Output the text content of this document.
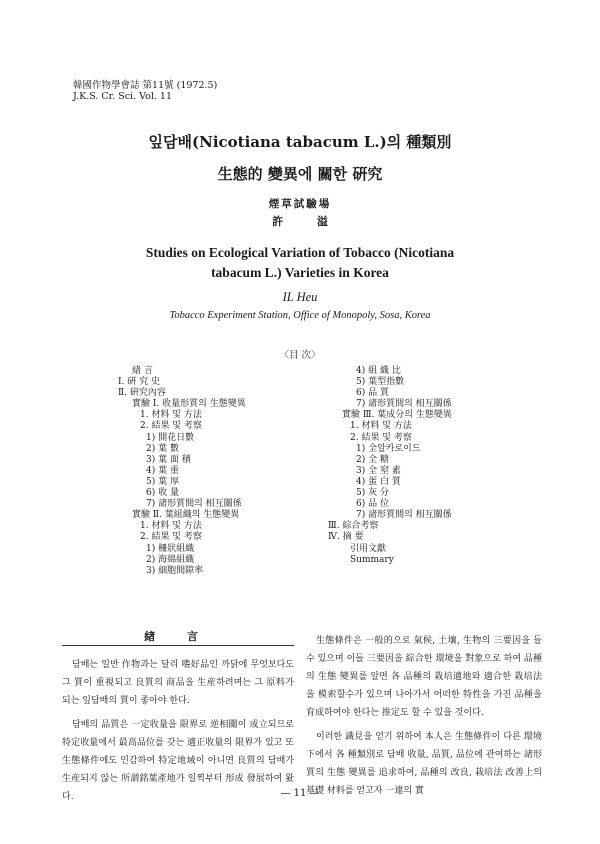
韓國作物學會誌 第11號 (1972.5)
J.K.S. Cr. Sci. Vol. 11
잎담배(Nicotiana tabacum L.)의 種類別
生態的 變異에 關한 硏究
煙草試驗場
許 溢
Studies on Ecological Variation of Tobacco (Nicotiana
tabacum L.) Varieties in Korea
IL Heu
Tobacco Experiment Station, Office of Monopoly, Sosa, Korea
〈目 次〉
緖 言
Ⅰ. 硏 究 史
Ⅱ. 硏究內容
實驗 Ⅰ. 收量形質의 生態變異
1. 材料 및 方法
2. 結果 및 考察
1) 開花日數
2) 葉 數
3) 葉 面 積
4) 葉 重
5) 葉 厚
6) 收 量
7) 諸形質間의 相互關係
實驗 Ⅱ. 葉組織의 生態變異
1. 材料 및 方法
2. 結果 및 考察
1) 柵狀組織
2) 海綿組織
3) 細胞間隙率
4) 組 織 比
5) 葉型指數
6) 品 質
7) 諸形質間의 相互關係
實驗 Ⅲ. 葉成分의 生態變異
1. 材料 및 方法
2. 結果 및 考察
1) 全알카로이드
2) 全 糖
3) 全 窒 素
4) 蛋 白 質
5) 灰 分
6) 品 位
7) 諸形質間의 相互關係
Ⅲ. 綜合考察
Ⅳ. 摘 要
引用文獻
Summary
緖 言

담배는 일반 作物과는 달리 嗜好品인 까닭에 무엇보다도 그 質이 重視되고 良質의 商品을 生産하려며는 그 原料가되는 잎담배의 質이 좋아야 한다.

담배의 品質은 一定收量을 限界로 逆相關이 成立되므로 特定收量에서 最高品位를 갖는 適正收量의 限界가 있고 또 生態條件에도 민감하여 特定地域이 아니면 良質의 담배가 生産되지 않는 所謂銘葉產地가 일찍부터 形成 發展하여 왔다.

生態條件은 一般的으로 氣候, 土壤, 生物의 三要因을 들수 있으며 이들 三要因을 綜合한 環境을 對象으로 하여 品種의 生態 變異를 알면 各 品種의 栽培適地와 適合한 栽培法을 模索할수가 있으며 나아가서 어떠한 特性을 가진 品種을 育成하여야 한다는 推定도 할 수 있을 것이다.

이러한 識見을 얻기 위하여 本人은 生態條件이 다른 環境下에서 各 種類別로 담배 收量, 品質, 品位에 관여하는 諸形質의 生態 變異를 追求하여, 品種의 改良, 栽培法 改善上의 基礎 材料를 얻고자 一連의 實

— 11 —
